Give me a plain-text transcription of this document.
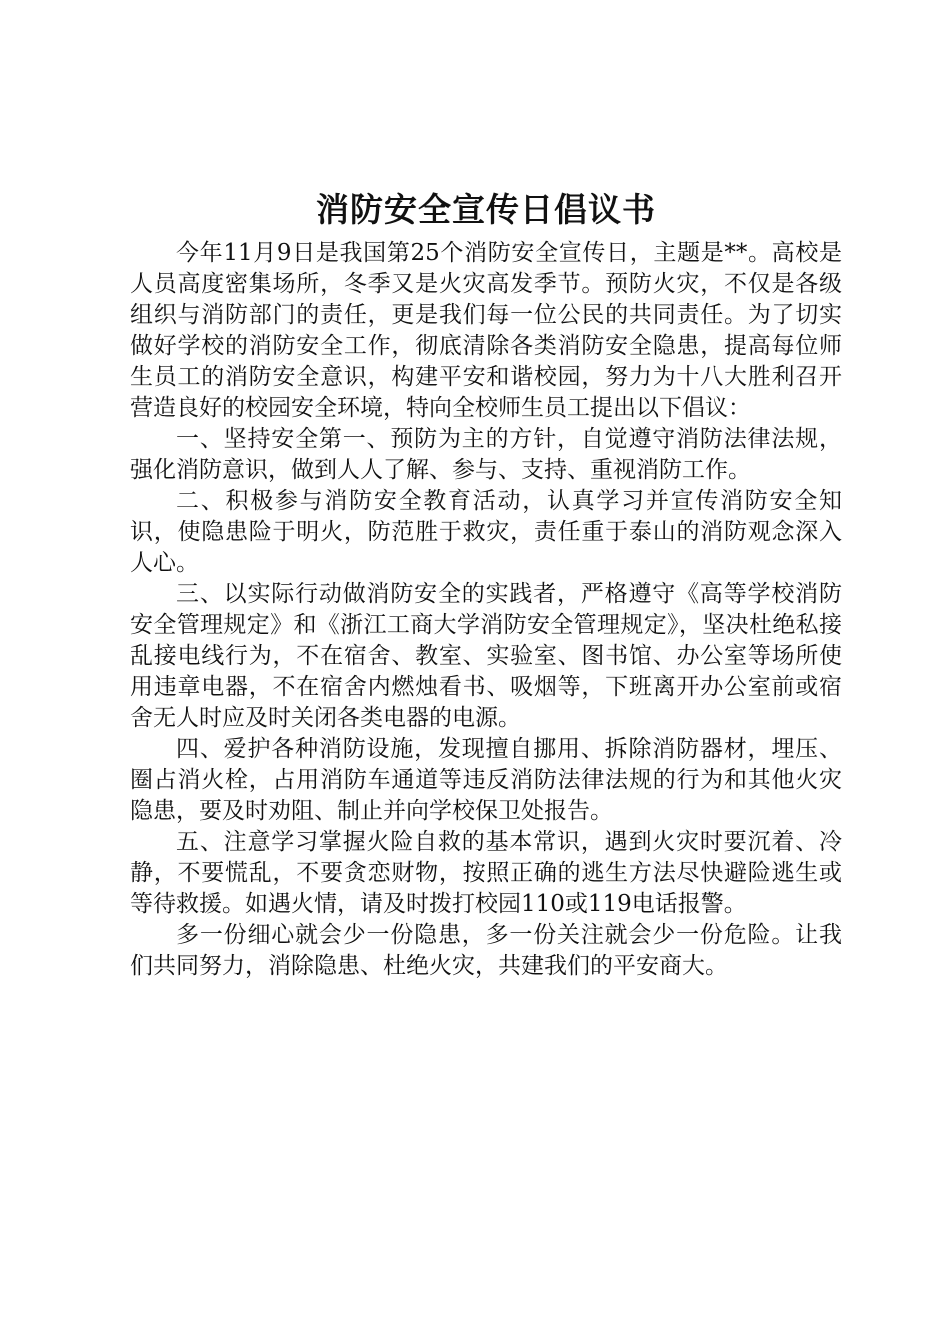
消防安全宣传日倡议书

今年11月9日是我国第25个消防安全宣传日，主题是**。高校是人员高度密集场所，冬季又是火灾高发季节。预防火灾，不仅是各级组织与消防部门的责任，更是我们每一位公民的共同责任。为了切实做好学校的消防安全工作，彻底清除各类消防安全隐患，提高每位师生员工的消防安全意识，构建平安和谐校园，努力为十八大胜利召开营造良好的校园安全环境，特向全校师生员工提出以下倡议：

一、坚持安全第一、预防为主的方针，自觉遵守消防法律法规，强化消防意识，做到人人了解、参与、支持、重视消防工作。

二、积极参与消防安全教育活动，认真学习并宣传消防安全知识，使隐患险于明火，防范胜于救灾，责任重于泰山的消防观念深入人心。

三、以实际行动做消防安全的实践者，严格遵守《高等学校消防安全管理规定》和《浙江工商大学消防安全管理规定》，坚决杜绝私接乱接电线行为，不在宿舍、教室、实验室、图书馆、办公室等场所使用违章电器，不在宿舍内燃烛看书、吸烟等，下班离开办公室前或宿舍无人时应及时关闭各类电器的电源。

四、爱护各种消防设施，发现擅自挪用、拆除消防器材，埋压、圈占消火栓，占用消防车通道等违反消防法律法规的行为和其他火灾隐患，要及时劝阻、制止并向学校保卫处报告。

五、注意学习掌握火险自救的基本常识，遇到火灾时要沉着、冷静，不要慌乱，不要贪恋财物，按照正确的逃生方法尽快避险逃生或等待救援。如遇火情，请及时拨打校园110或119电话报警。

多一份细心就会少一份隐患，多一份关注就会少一份危险。让我们共同努力，消除隐患、杜绝火灾，共建我们的平安商大。
